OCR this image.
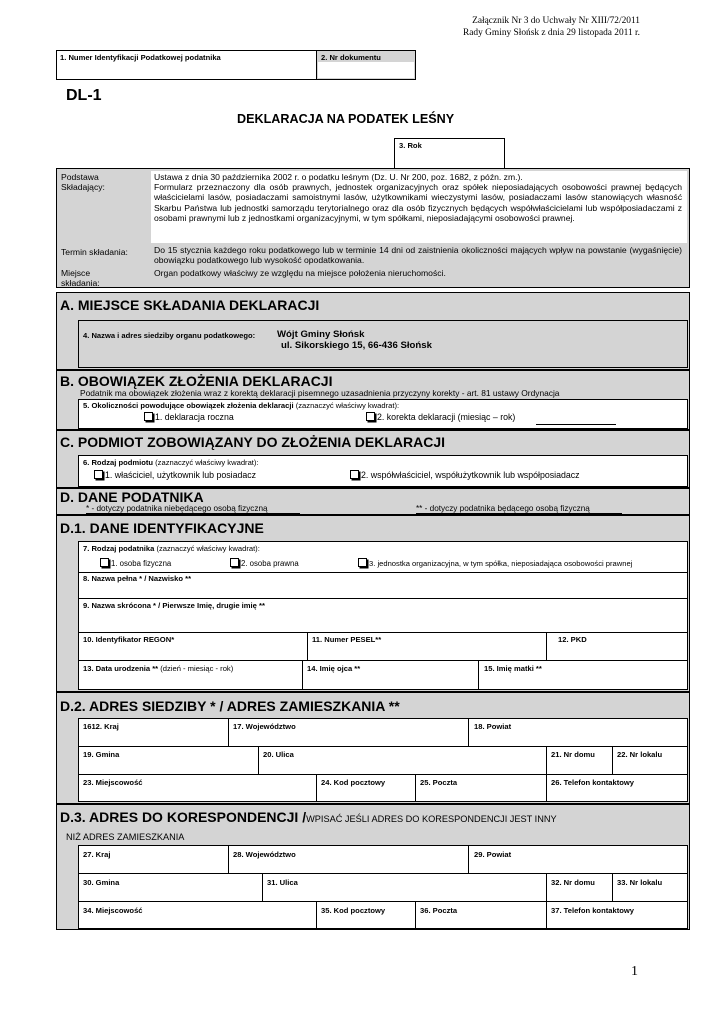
Załącznik Nr 3 do Uchwały Nr XIII/72/2011
Rady Gminy Słońsk z dnia 29 listopada 2011 r.
1. Numer Identyfikacji Podatkowej podatnika	2. Nr dokumentu
DL-1
DEKLARACJA NA PODATEK LEŚNY
3. Rok
Podstawa
Składający:
Ustawa z dnia 30 października 2002 r. o podatku leśnym (Dz. U. Nr 200, poz. 1682, z późn. zm.).
Formularz przeznaczony dla osób prawnych, jednostek organizacyjnych oraz spółek nieposiadających osobowości prawnej będących właścicielami lasów, posiadaczami samoistnymi lasów, użytkownikami wieczystymi lasów, posiadaczami lasów stanowiących własność Skarbu Państwa lub jednostki samorządu terytorialnego oraz dla osób fizycznych będących współwłaścicielami lub współposiadaczami z osobami prawnymi lub z jednostkami organizacyjnymi, w tym spółkami, nieposiadającymi osobowości prawnej.
Termin składania:	Do 15 stycznia każdego roku podatkowego lub w terminie 14 dni od zaistnienia okoliczności mających wpływ na powstanie (wygaśnięcie) obowiązku podatkowego lub wysokość opodatkowania.
Miejsce
składania:
Organ podatkowy właściwy ze względu na miejsce położenia nieruchomości.
A. MIEJSCE SKŁADANIA DEKLARACJI
4. Nazwa i adres siedziby organu podatkowego: Wójt Gminy Słońsk
ul. Sikorskiego 15, 66-436 Słońsk
B. OBOWIĄZEK ZŁOŻENIA DEKLARACJI
Podatnik ma obowiązek złożenia wraz z korektą deklaracji pisemnego uzasadnienia przyczyny korekty - art. 81 ustawy Ordynacja
5. Okoliczności powodujące obowiązek złożenia deklaracji (zaznaczyć właściwy kwadrat):
1. deklaracja roczna	2. korekta deklaracji (miesiąc – rok)
C. PODMIOT ZOBOWIĄZANY DO ZŁOŻENIA DEKLARACJI
6. Rodzaj podmiotu (zaznaczyć właściwy kwadrat):
1. właściciel, użytkownik lub posiadacz	2. współwłaściciel, współużytkownik lub współposiadacz
D. DANE PODATNIKA
* - dotyczy podatnika niebędącego osobą fizyczną	** - dotyczy podatnika będącego osobą fizyczną
D.1. DANE IDENTYFIKACYJNE
7. Rodzaj podatnika (zaznaczyć właściwy kwadrat):
1. osoba fizyczna	2. osoba prawna	3. jednostka organizacyjna, w tym spółka, nieposiadająca osobowości prawnej
8. Nazwa pełna * / Nazwisko **
9. Nazwa skrócona * / Pierwsze Imię, drugie imię **
10. Identyfikator REGON*	11. Numer PESEL**	12. PKD
13. Data urodzenia ** (dzień - miesiąc - rok)	14. Imię ojca **	15. Imię matki **
D.2. ADRES SIEDZIBY * / ADRES ZAMIESZKANIA **
1612. Kraj	17. Województwo	18. Powiat
19. Gmina	20. Ulica	21. Nr domu	22. Nr lokalu
23. Miejscowość	24. Kod pocztowy	25. Poczta	26. Telefon kontaktowy
D.3. ADRES DO KORESPONDENCJI /WPISAĆ JEŚLI ADRES DO KORESPONDENCJI JEST INNY
NIŻ ADRES ZAMIESZKANIA
27. Kraj	28. Województwo	29. Powiat
30. Gmina	31. Ulica	32. Nr domu	33. Nr lokalu
34. Miejscowość	35. Kod pocztowy	36. Poczta	37. Telefon kontaktowy
1
